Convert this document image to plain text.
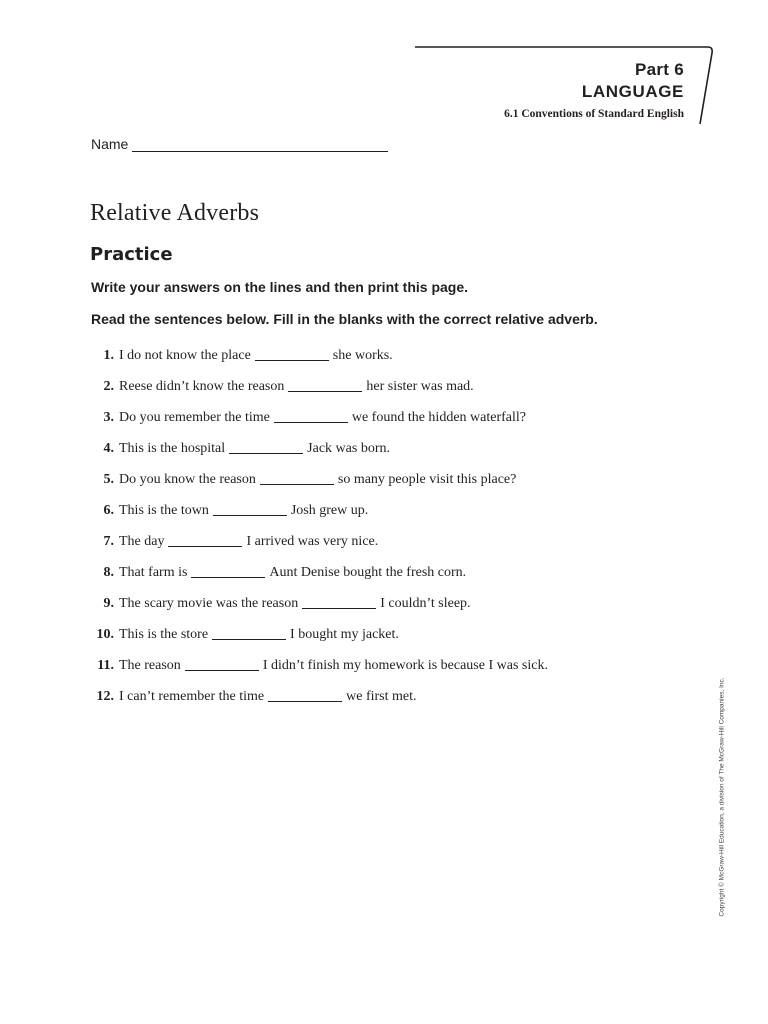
Part 6
LANGUAGE
6.1 Conventions of Standard English
Name
Relative Adverbs
Practice

Write your answers on the lines and then print this page.

Read the sentences below. Fill in the blanks with the correct relative adverb.

1. I do not know the place	she works.
2. Reese didn’t know the reason	her sister was mad.
3. Do you remember the time	we found the hidden waterfall?
4. This is the hospital	Jack was born.
5. Do you know the reason	so many people visit this place?
6. This is the town	Josh grew up.
7. The day	I arrived was very nice.
8. That farm is	Aunt Denise bought the fresh corn.
9. The scary movie was the reason	I couldn’t sleep.
10. This is the store	I bought my jacket.
11. The reason	I didn’t finish my homework is because I was sick.
12. I can’t remember the time	we first met.	Copyright © McGraw-Hill Education, a division of The McGraw-Hill Companies, Inc.
